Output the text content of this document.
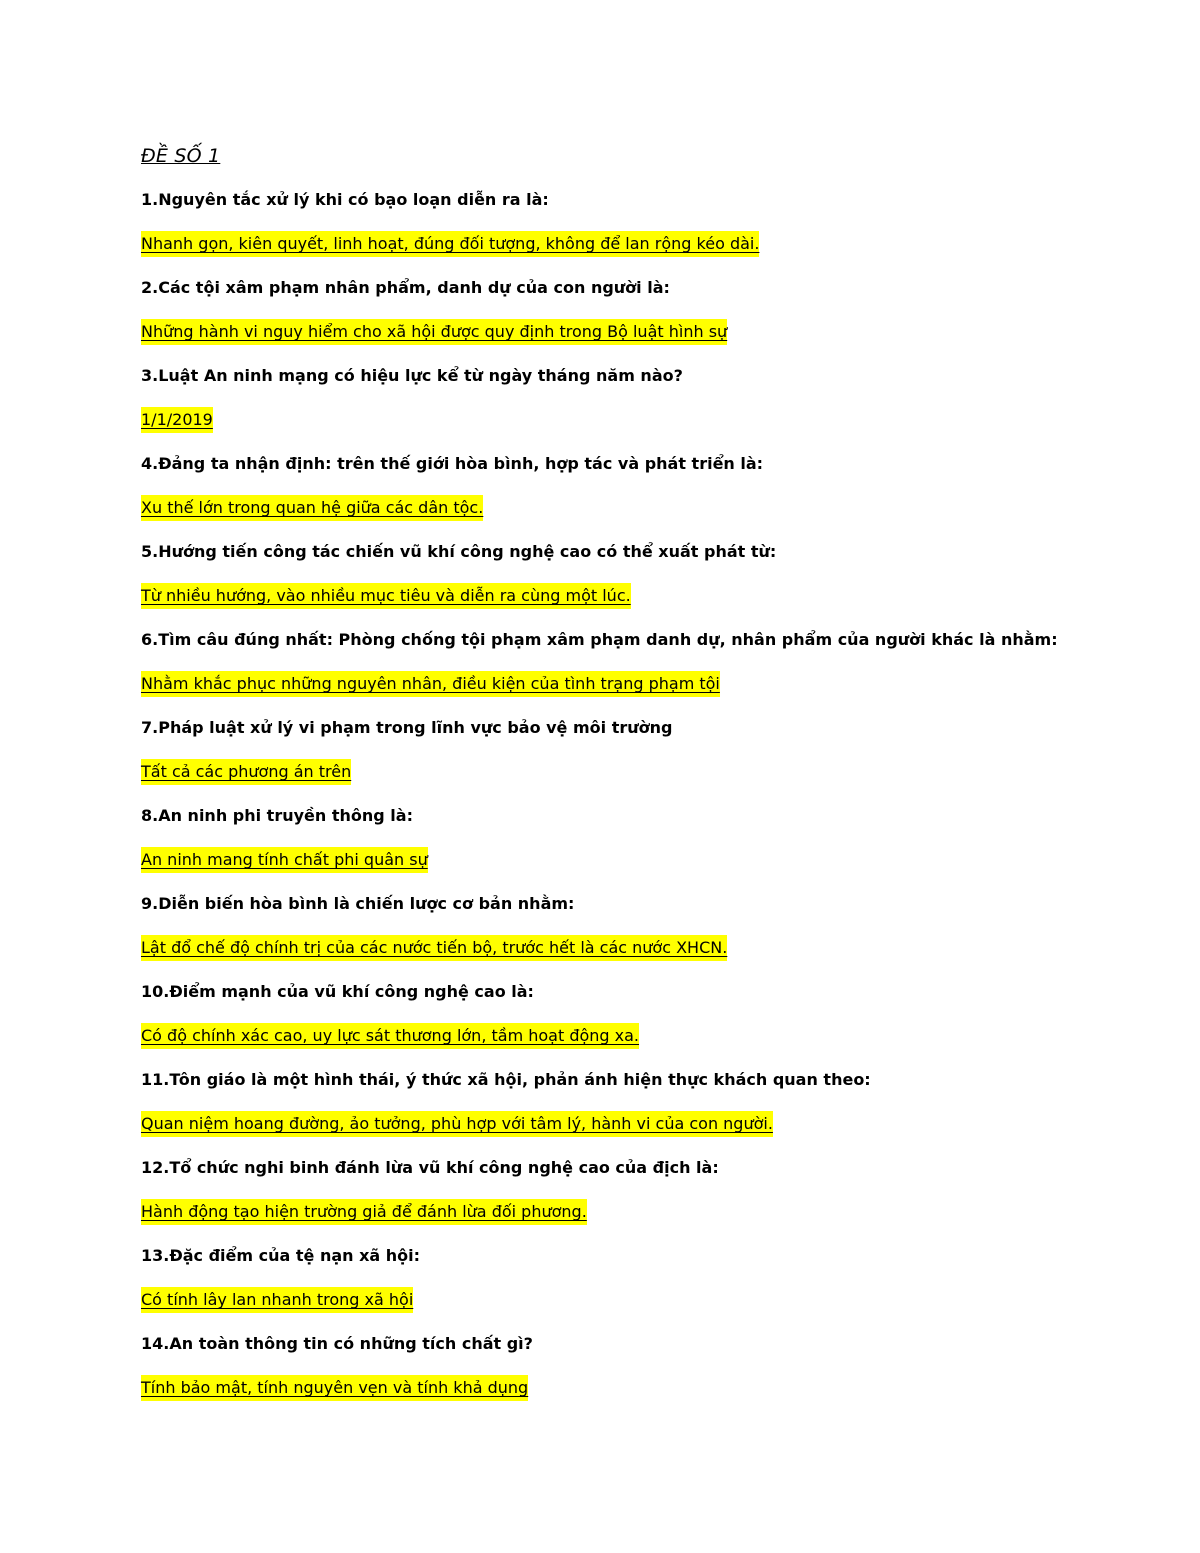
ĐỀ SỐ 1
1.Nguyên tắc xử lý khi có bạo loạn diễn ra là:
Nhanh gọn, kiên quyết, linh hoạt, đúng đối tượng, không để lan rộng kéo dài.
2.Các tội xâm phạm nhân phẩm, danh dự của con người là:
Những hành vi nguy hiểm cho xã hội được quy định trong Bộ luật hình sự
3.Luật An ninh mạng có hiệu lực kể từ ngày tháng năm nào?
1/1/2019
4.Đảng ta nhận định: trên thế giới hòa bình, hợp tác và phát triển là:
Xu thế lớn trong quan hệ giữa các dân tộc.
5.Hướng tiến công tác chiến vũ khí công nghệ cao có thể xuất phát từ:
Từ nhiều hướng, vào nhiều mục tiêu và diễn ra cùng một lúc.
6.Tìm câu đúng nhất: Phòng chống tội phạm xâm phạm danh dự, nhân phẩm của người khác là nhằm:
Nhằm khắc phục những nguyên nhân, điều kiện của tình trạng phạm tội
7.Pháp luật xử lý vi phạm trong lĩnh vực bảo vệ môi trường
Tất cả các phương án trên
8.An ninh phi truyền thông là:
An ninh mang tính chất phi quân sự
9.Diễn biến hòa bình là chiến lược cơ bản nhằm:
Lật đổ chế độ chính trị của các nước tiến bộ, trước hết là các nước XHCN.
10.Điểm mạnh của vũ khí công nghệ cao là:
Có độ chính xác cao, uy lực sát thương lớn, tầm hoạt động xa.
11.Tôn giáo là một hình thái, ý thức xã hội, phản ánh hiện thực khách quan theo:
Quan niệm hoang đường, ảo tưởng, phù hợp với tâm lý, hành vi của con người.
12.Tổ chức nghi binh đánh lừa vũ khí công nghệ cao của địch là:
Hành động tạo hiện trường giả để đánh lừa đối phương.
13.Đặc điểm của tệ nạn xã hội:
Có tính lây lan nhanh trong xã hội
14.An toàn thông tin có những tích chất gì?
Tính bảo mật, tính nguyên vẹn và tính khả dụng
